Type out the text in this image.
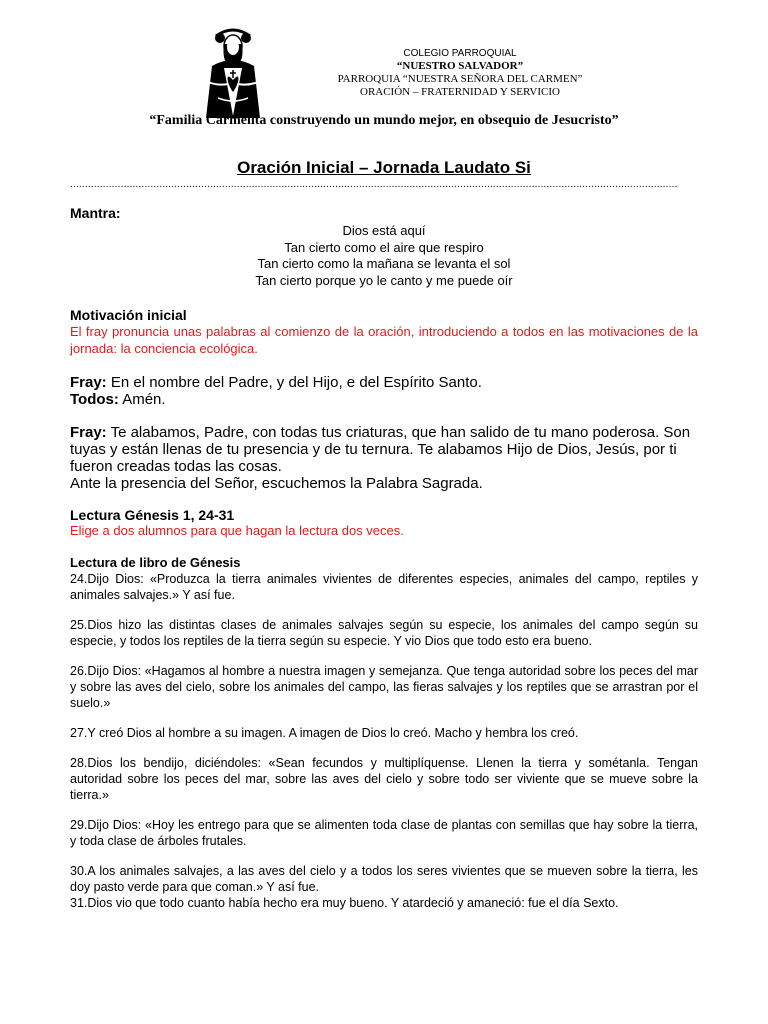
COLEGIO PARROQUIAL
“NUESTRO SALVADOR”
PARROQUIA “NUESTRA SEÑORA DEL CARMEN”
ORACIÓN – FRATERNIDAD Y SERVICIO
“Familia Carmelita construyendo un mundo mejor, en obsequio de Jesucristo”
Oración Inicial – Jornada Laudato Si
............................................................................................................................................................................................................
Mantra:
Dios está aquí
Tan cierto como el aire que respiro
Tan cierto como la mañana se levanta el sol
Tan cierto porque yo le canto y me puede oír
Motivación inicial
El fray pronuncia unas palabras al comienzo de la oración, introduciendo a todos en las motivaciones de la jornada: la conciencia ecológica.
Fray: En el nombre del Padre, y del Hijo, e del Espírito Santo.
Todos: Amén.
Fray: Te alabamos, Padre, con todas tus criaturas, que han salido de tu mano poderosa. Son tuyas y están llenas de tu presencia y de tu ternura. Te alabamos Hijo de Dios, Jesús, por ti fueron creadas todas las cosas.
Ante la presencia del Señor, escuchemos la Palabra Sagrada.
Lectura Génesis 1, 24-31
Elige a dos alumnos para que hagan la lectura dos veces.
Lectura de libro de Génesis
24.Dijo Dios: «Produzca la tierra animales vivientes de diferentes especies, animales del campo, reptiles y animales salvajes.» Y así fue.
25.Dios hizo las distintas clases de animales salvajes según su especie, los animales del campo según su especie, y todos los reptiles de la tierra según su especie. Y vio Dios que todo esto era bueno.
26.Dijo Dios: «Hagamos al hombre a nuestra imagen y semejanza. Que tenga autoridad sobre los peces del mar y sobre las aves del cielo, sobre los animales del campo, las fieras salvajes y los reptiles que se arrastran por el suelo.»
27.Y creó Dios al hombre a su imagen. A imagen de Dios lo creó. Macho y hembra los creó.
28.Dios los bendijo, diciéndoles: «Sean fecundos y multiplíquense. Llenen la tierra y sométanla. Tengan autoridad sobre los peces del mar, sobre las aves del cielo y sobre todo ser viviente que se mueve sobre la tierra.»
29.Dijo Dios: «Hoy les entrego para que se alimenten toda clase de plantas con semillas que hay sobre la tierra, y toda clase de árboles frutales.
30.A los animales salvajes, a las aves del cielo y a todos los seres vivientes que se mueven sobre la tierra, les doy pasto verde para que coman.» Y así fue.
31.Dios vio que todo cuanto había hecho era muy bueno. Y atardeció y amaneció: fue el día Sexto.
